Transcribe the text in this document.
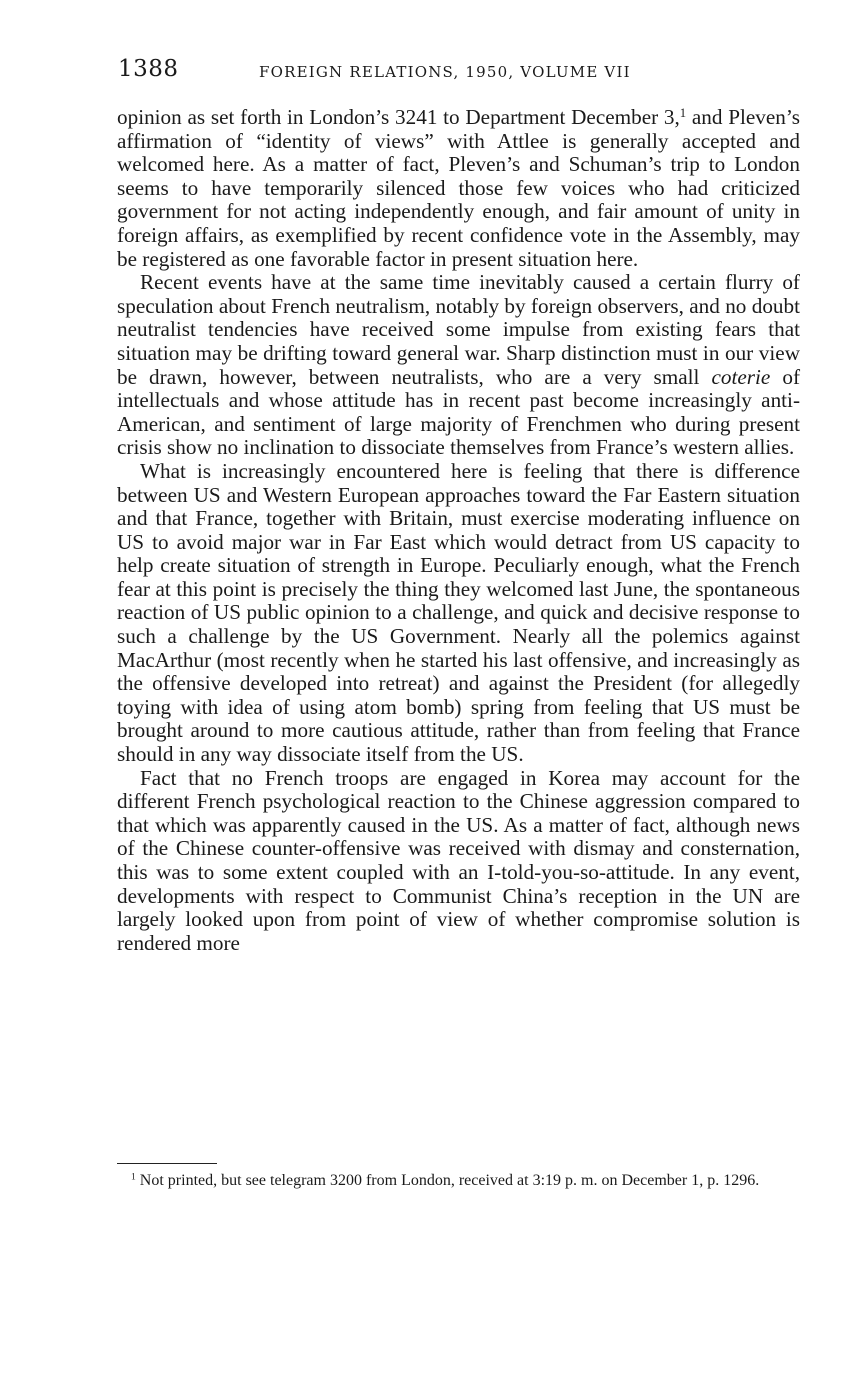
1388	FOREIGN RELATIONS, 1950, VOLUME VII

opinion as set forth in London’s 3241 to Department December 3,$^1$ and Pleven’s affirmation of “identity of views” with Attlee is generally accepted and welcomed here. As a matter of fact, Pleven’s and Schuman’s trip to London seems to have temporarily silenced those few voices who had criticized government for not acting independently enough, and fair amount of unity in foreign affairs, as exemplified by recent confidence vote in the Assembly, may be registered as one favorable factor in present situation here.

Recent events have at the same time inevitably caused a certain flurry of speculation about French neutralism, notably by foreign observers, and no doubt neutralist tendencies have received some impulse from existing fears that situation may be drifting toward general war. Sharp distinction must in our view be drawn, however, between neutralists, who are a very small coterie of intellectuals and whose attitude has in recent past become increasingly anti-American, and sentiment of large majority of Frenchmen who during present crisis show no inclination to dissociate themselves from France’s western allies.

What is increasingly encountered here is feeling that there is difference between US and Western European approaches toward the Far Eastern situation and that France, together with Britain, must exercise moderating influence on US to avoid major war in Far East which would detract from US capacity to help create situation of strength in Europe. Peculiarly enough, what the French fear at this point is precisely the thing they welcomed last June, the spontaneous reaction of US public opinion to a challenge, and quick and decisive response to such a challenge by the US Government. Nearly all the polemics against MacArthur (most recently when he started his last offensive, and increasingly as the offensive developed into retreat) and against the President (for allegedly toying with idea of using atom bomb) spring from feeling that US must be brought around to more cautious attitude, rather than from feeling that France should in any way dissociate itself from the US.

Fact that no French troops are engaged in Korea may account for the different French psychological reaction to the Chinese aggression compared to that which was apparently caused in the US. As a matter of fact, although news of the Chinese counter-offensive was received with dismay and consternation, this was to some extent coupled with an I-told-you-so-attitude. In any event, developments with respect to Communist China’s reception in the UN are largely looked upon from point of view of whether compromise solution is rendered more

$^1$ Not printed, but see telegram 3200 from London, received at 3:19 p. m. on December 1, p. 1296.
